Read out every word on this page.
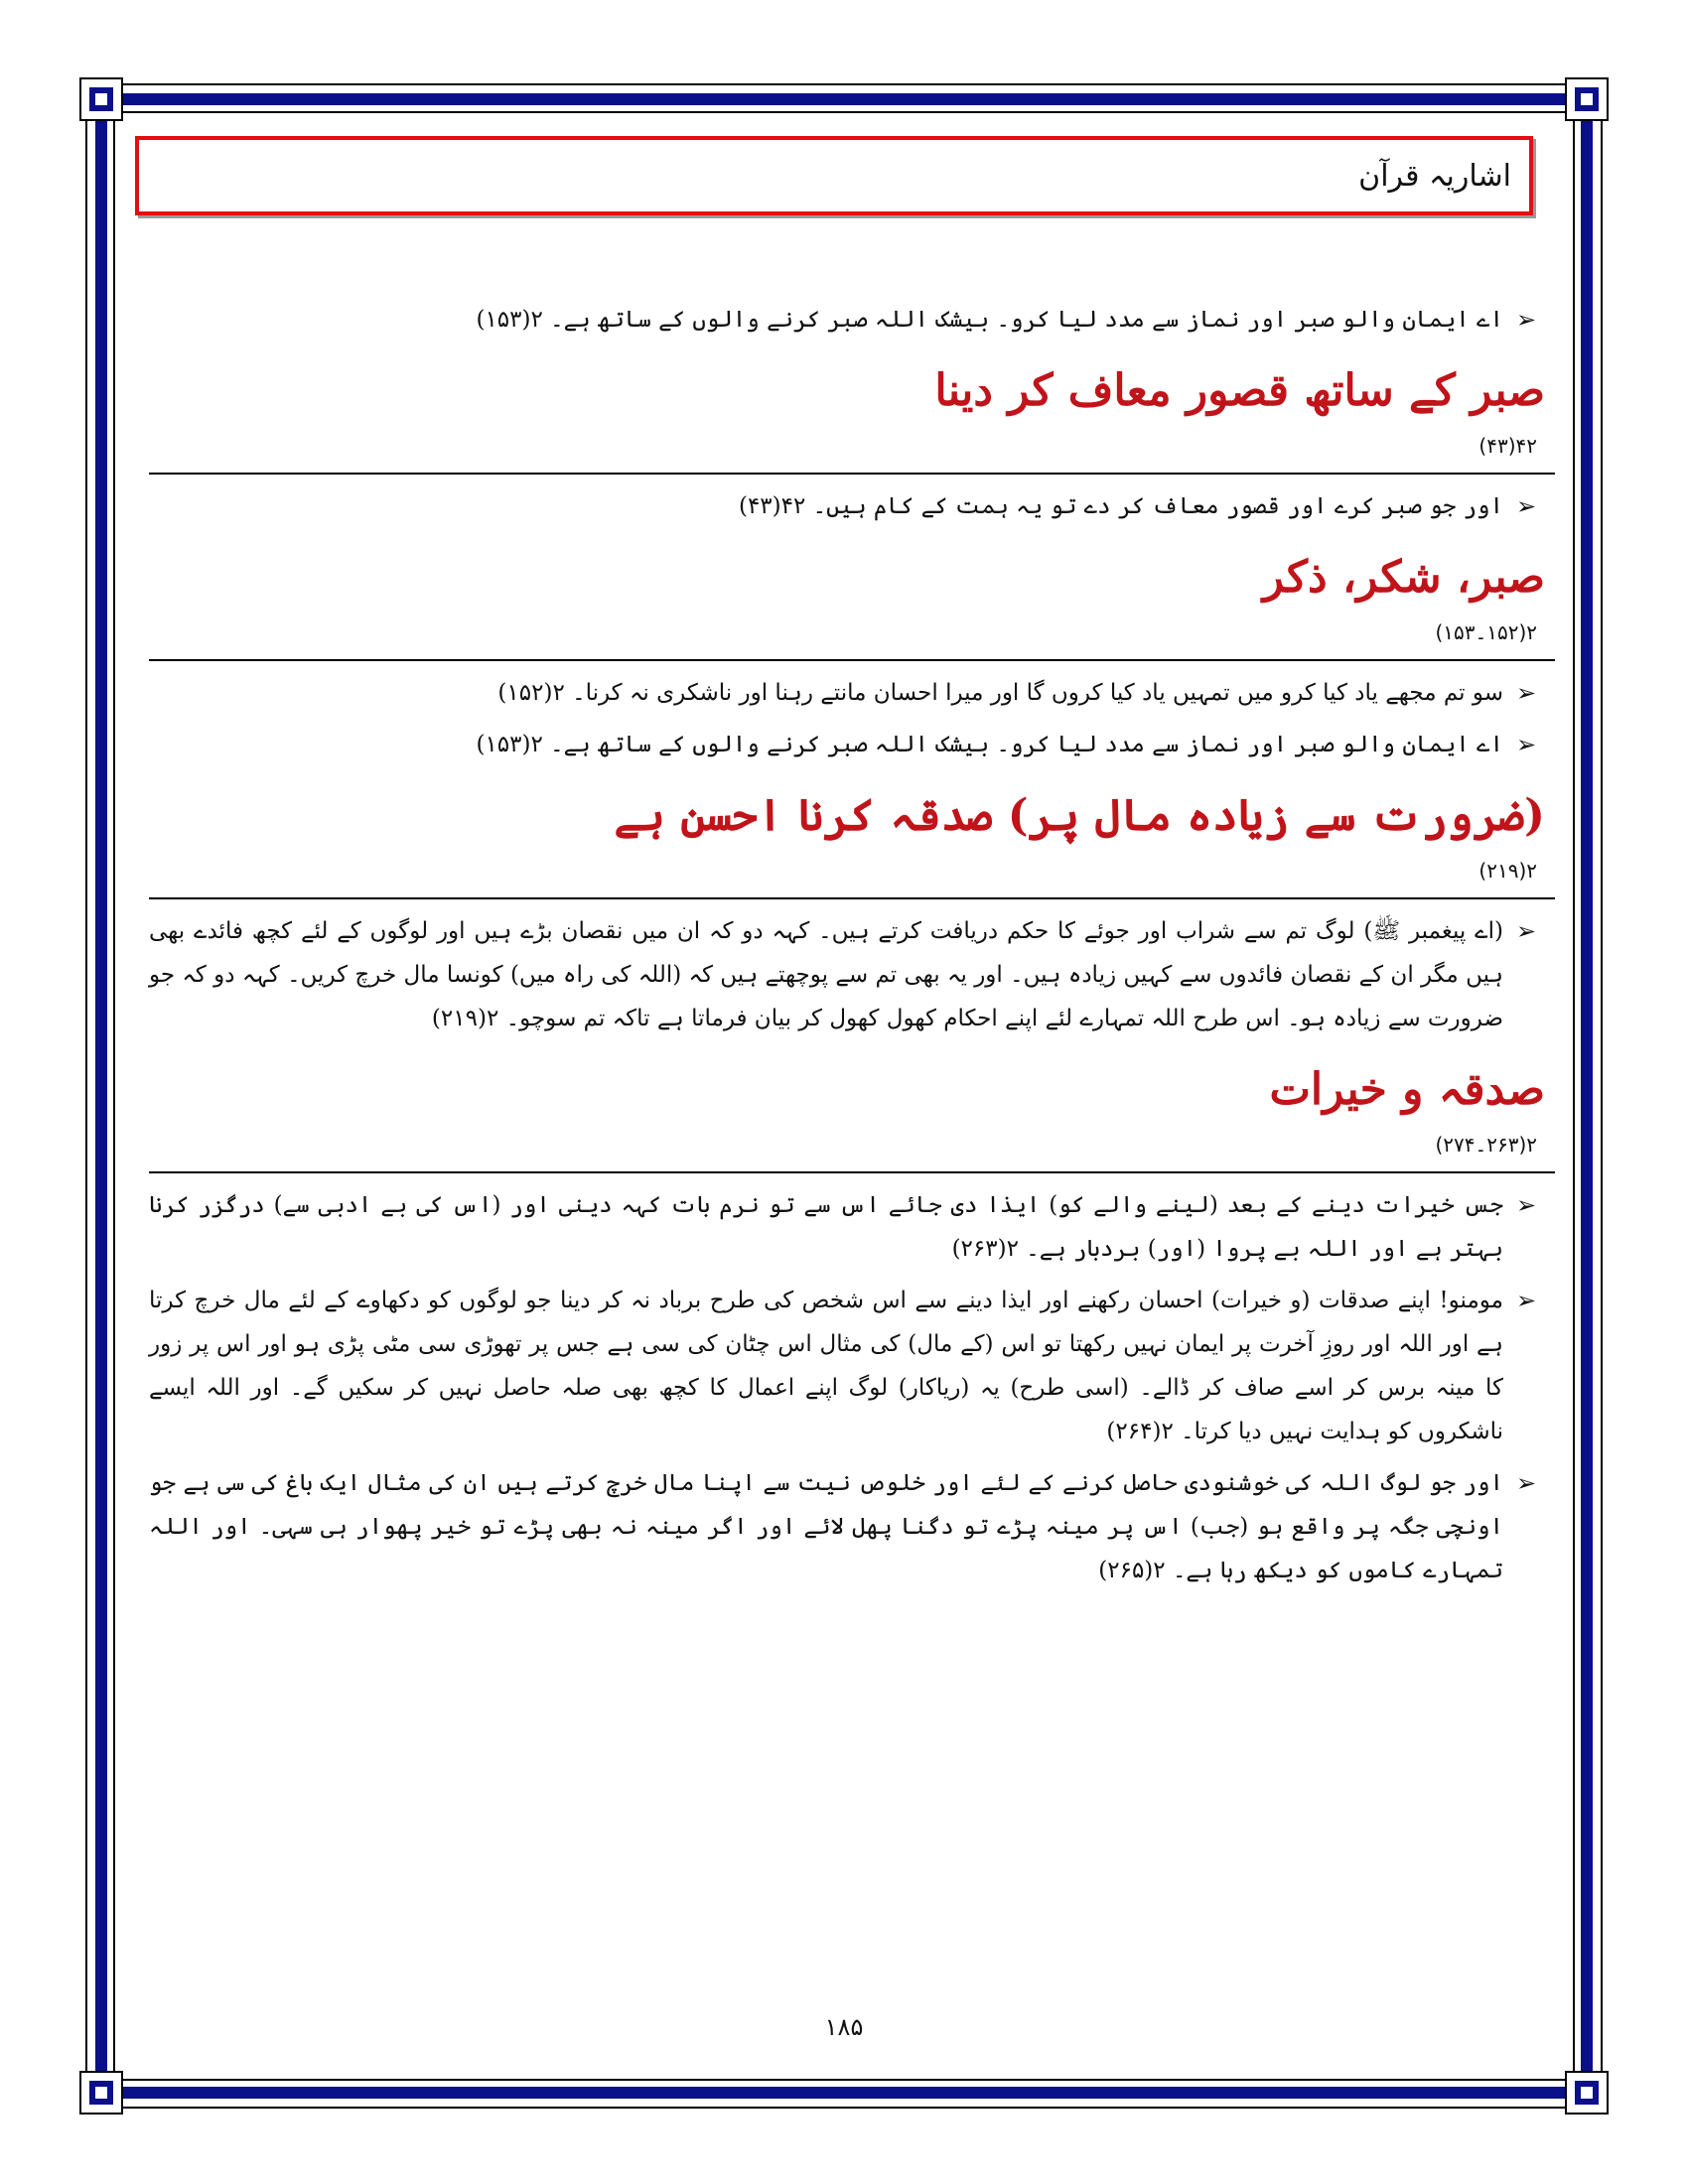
اشاریہ قرآن
➢
اے ایمان والو صبر اور نماز سے مدد لیا کرو۔ بیشک اللہ صبر کرنے والوں کے ساتھ ہے۔ ۲(۱۵۳)
صبر کے ساتھ قصور معاف کر دینا
۴۲(۴۳)
➢
اور جو صبر کرے اور قصور معاف کر دے تو یہ ہمت کے کام ہیں۔ ۴۲(۴۳)
صبر، شکر، ذکر
۲(۱۵۲۔۱۵۳)
➢
سو تم مجھے یاد کیا کرو میں تمہیں یاد کیا کروں گا اور میرا احسان مانتے رہنا اور ناشکری نہ کرنا۔ ۲(۱۵۲)
➢
اے ایمان والو صبر اور نماز سے مدد لیا کرو۔ بیشک اللہ صبر کرنے والوں کے ساتھ ہے۔ ۲(۱۵۳)
(ضرورت سے زیادہ مال پر) صدقہ کرنا احسن ہے
۲(۲۱۹)
➢
(اے پیغمبر ﷺ) لوگ تم سے شراب اور جوئے کا حکم دریافت کرتے ہیں۔ کہہ دو کہ ان میں نقصان بڑے ہیں اور لوگوں کے لئے کچھ فائدے بھی ہیں مگر ان کے نقصان فائدوں سے کہیں زیادہ ہیں۔ اور یہ بھی تم سے پوچھتے ہیں کہ (اللہ کی راہ میں) کونسا مال خرچ کریں۔ کہہ دو کہ جو ضرورت سے زیادہ ہو۔ اس طرح اللہ تمہارے لئے اپنے احکام کھول کھول کر بیان فرماتا ہے تاکہ تم سوچو۔ ۲(۲۱۹)
صدقہ و خیرات
۲(۲۶۳۔۲۷۴)
➢
جس خیرات دینے کے بعد (لینے والے کو) ایذا دی جائے اس سے تو نرم بات کہہ دینی اور (اس کی بے ادبی سے) درگزر کرنا بہتر ہے اور اللہ بے پروا (اور) بردبار ہے۔ ۲(۲۶۳)
➢
مومنو! اپنے صدقات (و خیرات) احسان رکھنے اور ایذا دینے سے اس شخص کی طرح برباد نہ کر دینا جو لوگوں کو دکھاوے کے لئے مال خرچ کرتا ہے اور اللہ اور روزِ آخرت پر ایمان نہیں رکھتا تو اس (کے مال) کی مثال اس چٹان کی سی ہے جس پر تھوڑی سی مٹی پڑی ہو اور اس پر زور کا مینہ برس کر اسے صاف کر ڈالے۔ (اسی طرح) یہ (ریاکار) لوگ اپنے اعمال کا کچھ بھی صلہ حاصل نہیں کر سکیں گے۔ اور اللہ ایسے ناشکروں کو ہدایت نہیں دیا کرتا۔ ۲(۲۶۴)
➢
اور جو لوگ اللہ کی خوشنودی حاصل کرنے کے لئے اور خلوص نیت سے اپنا مال خرچ کرتے ہیں ان کی مثال ایک باغ کی سی ہے جو اونچی جگہ پر واقع ہو (جب) اس پر مینہ پڑے تو دگنا پھل لائے اور اگر مینہ نہ بھی پڑے تو خیر پھوار ہی سہی۔ اور اللہ تمہارے کاموں کو دیکھ رہا ہے۔ ۲(۲۶۵)
۱۸۵
